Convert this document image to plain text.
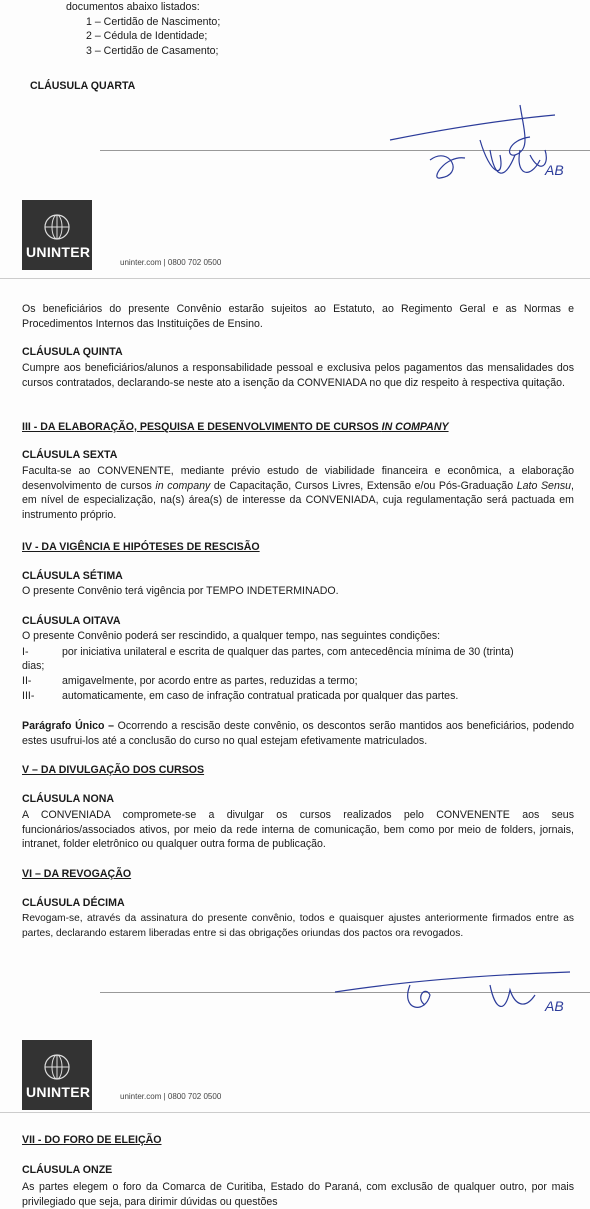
documentos abaixo listados:
1 – Certidão de Nascimento;
2 – Cédula de Identidade;
3 – Certidão de Casamento;
CLÁUSULA QUARTA
AB
UNINTER
uninter.com | 0800 702 0500

Os beneficiários do presente Convênio estarão sujeitos ao Estatuto, ao Regimento Geral e as Normas e Procedimentos Internos das Instituições de Ensino.

CLÁUSULA QUINTA

Cumpre aos beneficiários/alunos a responsabilidade pessoal e exclusiva pelos pagamentos das mensalidades dos cursos contratados, declarando-se neste ato a isenção da CONVENIADA no que diz respeito à respectiva quitação.

III - DA ELABORAÇÃO, PESQUISA E DESENVOLVIMENTO DE CURSOS IN COMPANY
CLÁUSULA SEXTA

Faculta-se ao CONVENENTE, mediante prévio estudo de viabilidade financeira e econômica, a elaboração desenvolvimento de cursos in company de Capacitação, Cursos Livres, Extensão e/ou Pós-Graduação Lato Sensu, em nível de especialização, na(s) área(s) de interesse da CONVENIADA, cuja regulamentação será pactuada em instrumento próprio.

IV - DA VIGÊNCIA E HIPÓTESES DE RESCISÃO
CLÁUSULA SÉTIMA
O presente Convênio terá vigência por TEMPO INDETERMINADO.
CLÁUSULA OITAVA
O presente Convênio poderá ser rescindido, a qualquer tempo, nas seguintes condições:
I-	por iniciativa unilateral e escrita de qualquer das partes, com antecedência mínima de 30 (trinta)
dias;
II-	amigavelmente, por acordo entre as partes, reduzidas a termo;
III-	automaticamente, em caso de infração contratual praticada por qualquer das partes.

Parágrafo Único – Ocorrendo a rescisão deste convênio, os descontos serão mantidos aos beneficiários, podendo estes usufrui-los até a conclusão do curso no qual estejam efetivamente matriculados.

V – DA DIVULGAÇÃO DOS CURSOS
CLÁUSULA NONA

A CONVENIADA compromete-se a divulgar os cursos realizados pelo CONVENENTE aos seus funcionários/associados ativos, por meio da rede interna de comunicação, bem como por meio de folders, jornais, intranet, folder eletrônico ou qualquer outra forma de publicação.

VI – DA REVOGAÇÃO
CLÁUSULA DÉCIMA

Revogam-se, através da assinatura do presente convênio, todos e quaisquer ajustes anteriormente firmados entre as partes, declarando estarem liberadas entre si das obrigações oriundas dos pactos ora revogados.

AB
UNINTER	uninter.com | 0800 702 0500
VII - DO FORO DE ELEIÇÃO
CLÁUSULA ONZE

As partes elegem o foro da Comarca de Curitiba, Estado do Paraná, com exclusão de qualquer outro, por mais privilegiado que seja, para dirimir dúvidas ou questões
